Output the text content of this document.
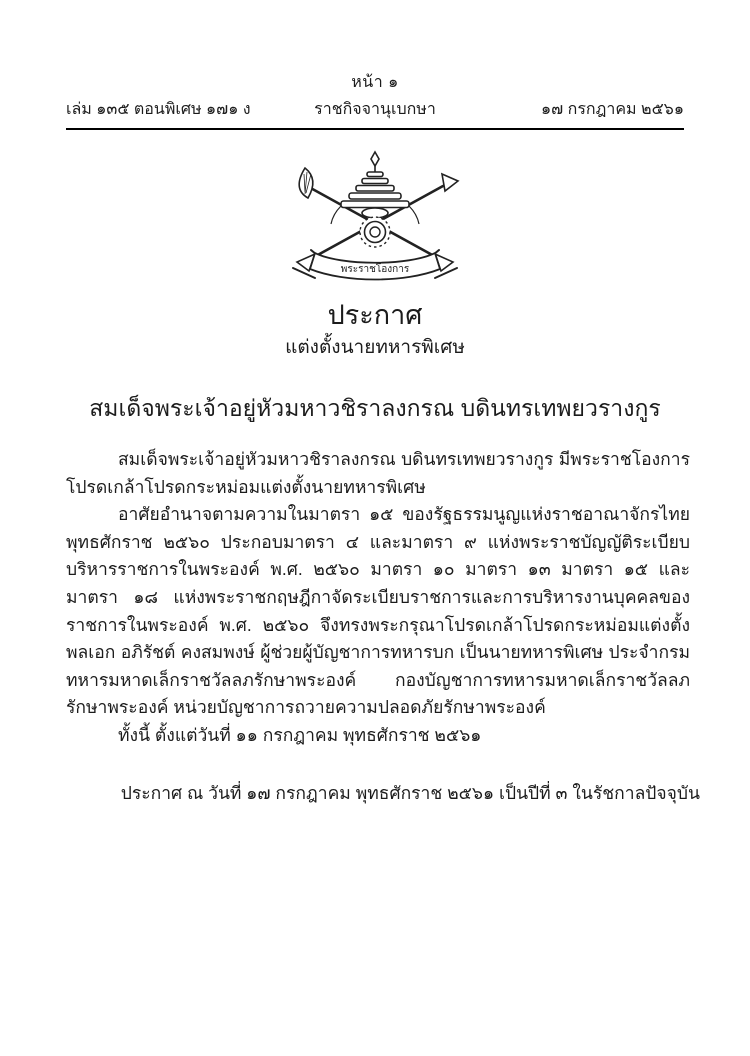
หน้า ๑
เล่ม ๑๓๕ ตอนพิเศษ ๑๗๑ ง	ราชกิจจานุเบกษา	๑๗ กรกฎาคม ๒๕๖๑
พระราชโองการ
ประกาศ
แต่งตั้งนายทหารพิเศษ
สมเด็จพระเจ้าอยู่หัวมหาวชิราลงกรณ บดินทรเทพยวรางกูร

สมเด็จพระเจ้าอยู่หัวมหาวชิราลงกรณ บดินทรเทพยวรางกูร มีพระราชโองการโปรดเกล้าโปรดกระหม่อมแต่งตั้งนายทหารพิเศษ

อาศัยอำนาจตามความในมาตรา ๑๕ ของรัฐธรรมนูญแห่งราชอาณาจักรไทย พุทธศักราช ๒๕๖๐ ประกอบมาตรา ๔ และมาตรา ๙ แห่งพระราชบัญญัติระเบียบบริหารราชการในพระองค์ พ.ศ. ๒๕๖๐ มาตรา ๑๐ มาตรา ๑๓ มาตรา ๑๕ และมาตรา ๑๘ แห่งพระราชกฤษฎีกาจัดระเบียบราชการและการบริหารงานบุคคลของราชการในพระองค์ พ.ศ. ๒๕๖๐ จึงทรงพระกรุณาโปรดเกล้าโปรดกระหม่อมแต่งตั้ง พลเอก อภิรัชต์ คงสมพงษ์ ผู้ช่วยผู้บัญชาการทหารบก เป็นนายทหารพิเศษ ประจำกรมทหารมหาดเล็กราชวัลลภรักษาพระองค์ กองบัญชาการทหารมหาดเล็กราชวัลลภรักษาพระองค์ หน่วยบัญชาการถวายความปลอดภัยรักษาพระองค์

ทั้งนี้ ตั้งแต่วันที่ ๑๑ กรกฎาคม พุทธศักราช ๒๕๖๑

ประกาศ ณ วันที่ ๑๗ กรกฎาคม พุทธศักราช ๒๕๖๑ เป็นปีที่ ๓ ในรัชกาลปัจจุบัน
